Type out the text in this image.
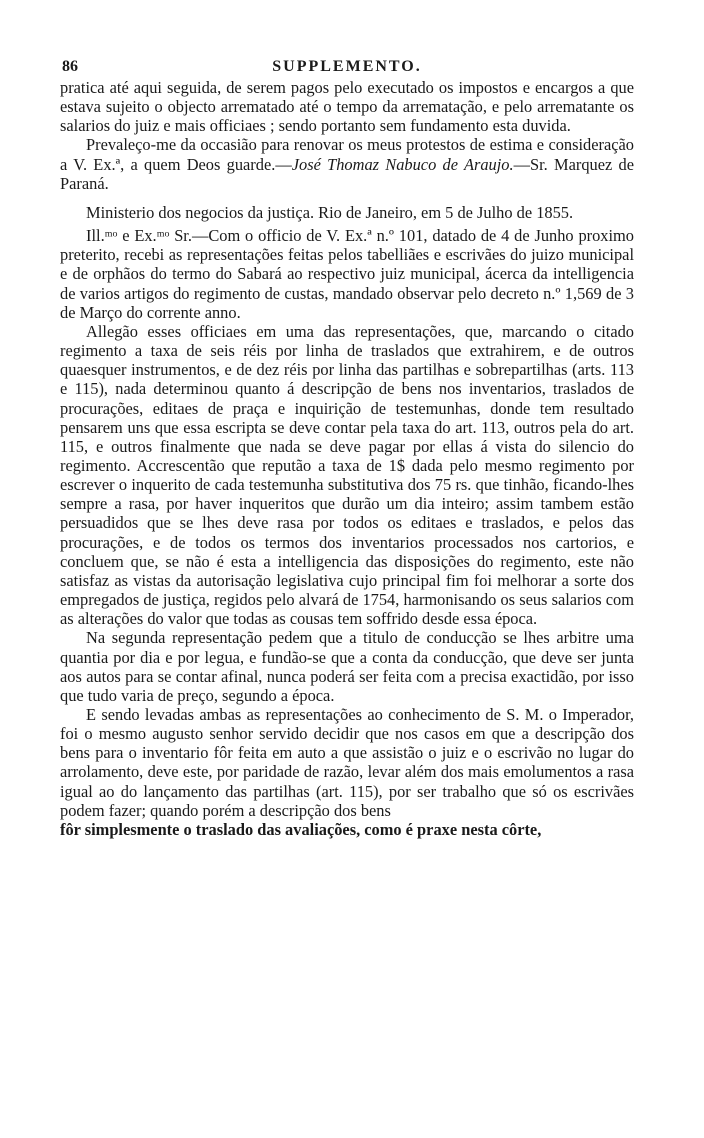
86	SUPPLEMENTO.

pratica até aqui seguida, de serem pagos pelo executado os impostos e encargos a que estava sujeito o objecto arrematado até o tempo da arrematação, e pelo arrematante os salarios do juiz e mais officiaes ; sendo portanto sem fundamento esta duvida.

Prevaleço-me da occasião para renovar os meus protestos de estima e consideração a V. Ex.ª, a quem Deos guarde.—José Thomaz Nabuco de Araujo.—Sr. Marquez de Paraná.

Ministerio dos negocios da justiça. Rio de Janeiro, em 5 de Julho de 1855.

Ill.ᵐᵒ e Ex.ᵐᵒ Sr.—Com o officio de V. Ex.ª n.º 101, datado de 4 de Junho proximo preterito, recebi as representações feitas pelos tabelliães e escrivães do juizo municipal e de orphãos do termo do Sabará ao respectivo juiz municipal, ácerca da intelligencia de varios artigos do regimento de custas, mandado observar pelo decreto n.º 1,569 de 3 de Março do corrente anno.

Allegão esses officiaes em uma das representações, que, marcando o citado regimento a taxa de seis réis por linha de traslados que extrahirem, e de outros quaesquer instrumentos, e de dez réis por linha das partilhas e sobrepartilhas (arts. 113 e 115), nada determinou quanto á descripção de bens nos inventarios, traslados de procurações, editaes de praça e inquirição de testemunhas, donde tem resultado pensarem uns que essa escripta se deve contar pela taxa do art. 113, outros pela do art. 115, e outros finalmente que nada se deve pagar por ellas á vista do silencio do regimento. Accrescentão que reputão a taxa de 1$ dada pelo mesmo regimento por escrever o inquerito de cada testemunha substitutiva dos 75 rs. que tinhão, ficando-lhes sempre a rasa, por haver inqueritos que durão um dia inteiro; assim tambem estão persuadidos que se lhes deve rasa por todos os editaes e traslados, e pelos das procurações, e de todos os termos dos inventarios processados nos cartorios, e concluem que, se não é esta a intelligencia das disposições do regimento, este não satisfaz as vistas da autorisação legislativa cujo principal fim foi melhorar a sorte dos empregados de justiça, regidos pelo alvará de 1754, harmonisando os seus salarios com as alterações do valor que todas as cousas tem soffrido desde essa época.

Na segunda representação pedem que a titulo de conducção se lhes arbitre uma quantia por dia e por legua, e fundão-se que a conta da conducção, que deve ser junta aos autos para se contar afinal, nunca poderá ser feita com a precisa exactidão, por isso que tudo varia de preço, segundo a época.

E sendo levadas ambas as representações ao conhecimento de S. M. o Imperador, foi o mesmo augusto senhor servido decidir que nos casos em que a descripção dos bens para o inventario fôr feita em auto a que assistão o juiz e o escrivão no lugar do arrolamento, deve este, por paridade de razão, levar além dos mais emolumentos a rasa igual ao do lançamento das partilhas (art. 115), por ser trabalho que só os escrivães podem fazer; quando porém a descripção dos bens

fôr simplesmente o traslado das avaliações, como é praxe nesta côrte,
